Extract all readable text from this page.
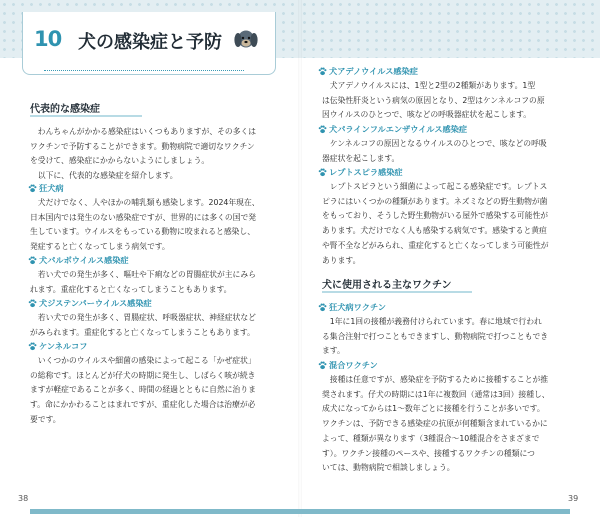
10 犬の感染症と予防
代表的な感染症

わんちゃんがかかる感染症はいくつもありますが、その多くは
ワクチンで予防することができます。動物病院で適切なワクチン
を受けて、感染症にかからないようにしましょう。
以下に、代表的な感染症を紹介します。

狂犬病

犬だけでなく、人やほかの哺乳類も感染します。2024年現在、
日本国内では発生のない感染症ですが、世界的には多くの国で発
生しています。ウイルスをもっている動物に咬まれると感染し、
発症すると亡くなってしまう病気です。

犬パルボウイルス感染症

若い犬での発生が多く、嘔吐や下痢などの胃腸症状が主にみら
れます。重症化すると亡くなってしまうこともあります。

犬ジステンパーウイルス感染症

若い犬での発生が多く、胃腸症状、呼吸器症状、神経症状など
がみられます。重症化すると亡くなってしまうこともあります。

ケンネルコフ

いくつかのウイルスや細菌の感染によって起こる「かぜ症状」
の総称です。ほとんどが仔犬の時期に発生し、しばらく咳が続き
ますが軽症であることが多く、時間の経過とともに自然に治りま
す。命にかかわることはまれですが、重症化した場合は治療が必
要です。

38
犬アデノウイルス感染症

犬アデノウイルスには、1型と2型の2種類があります。1型
は伝染性肝炎という病気の原因となり、2型はケンネルコフの原
因ウイルスのひとつで、咳などの呼吸器症状を起こします。

犬パラインフルエンザウイルス感染症

ケンネルコフの原因となるウイルスのひとつで、咳などの呼吸
器症状を起こします。

レプトスピラ感染症

レプトスピラという細菌によって起こる感染症です。レプトス
ピラにはいくつかの種類があります。ネズミなどの野生動物が菌
をもっており、そうした野生動物がいる屋外で感染する可能性が
あります。犬だけでなく人も感染する病気です。感染すると黄疸
や腎不全などがみられ、重症化すると亡くなってしまう可能性が
あります。

犬に使用される主なワクチン
狂犬病ワクチン

1年に1回の接種が義務付けられています。春に地域で行われ
る集合注射で打つこともできますし、動物病院で打つこともでき
ます。

混合ワクチン

接種は任意ですが、感染症を予防するために接種することが推
奨されます。仔犬の時期には1年に複数回（通常は3回）接種し、
成犬になってからは1～数年ごとに接種を行うことが多いです。
ワクチンは、予防できる感染症の抗原が何種類含まれているかに
よって、種類が異なります（3種混合～10種混合をさまざまで
す）。ワクチン接種のペースや、接種するワクチンの種類につ
いては、動物病院で相談しましょう。

39
